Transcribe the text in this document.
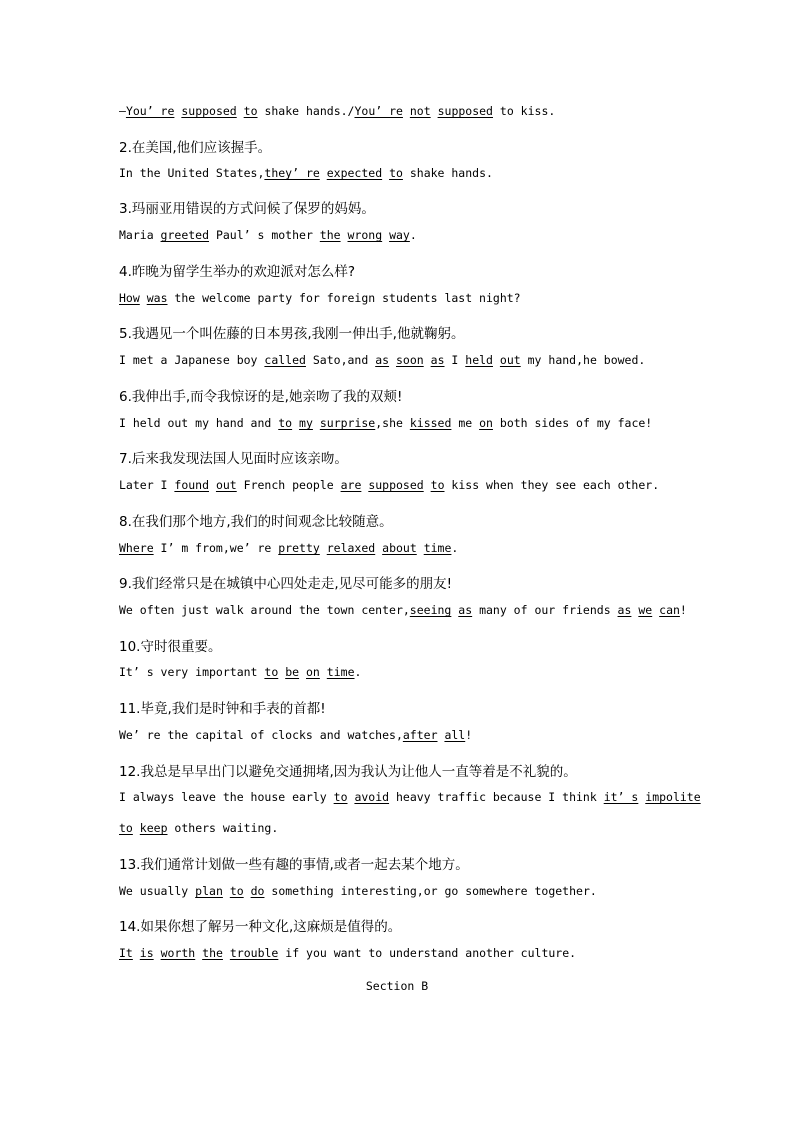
—You’ re supposed to shake hands./You’ re not supposed to kiss.
2.在美国,他们应该握手。
In the United States,they’ re expected to shake hands.
3.玛丽亚用错误的方式问候了保罗的妈妈。
Maria greeted Paul’ s mother the wrong way.
4.昨晚为留学生举办的欢迎派对怎么样?
How was the welcome party for foreign students last night?
5.我遇见一个叫佐藤的日本男孩,我刚一伸出手,他就鞠躬。
I met a Japanese boy called Sato,and as soon as I held out my hand,he bowed.
6.我伸出手,而令我惊讶的是,她亲吻了我的双颊!
I held out my hand and to my surprise,she kissed me on both sides of my face!
7.后来我发现法国人见面时应该亲吻。
Later I found out French people are supposed to kiss when they see each other.
8.在我们那个地方,我们的时间观念比较随意。
Where I’ m from,we’ re pretty relaxed about time.
9.我们经常只是在城镇中心四处走走,见尽可能多的朋友!
We often just walk around the town center,seeing as many of our friends as we can!
10.守时很重要。
It’ s very important to be on time.
11.毕竟,我们是时钟和手表的首都!
We’ re the capital of clocks and watches,after all!
12.我总是早早出门以避免交通拥堵,因为我认为让他人一直等着是不礼貌的。
I always leave the house early to avoid heavy traffic because I think it’ s impolite
to keep others waiting.
13.我们通常计划做一些有趣的事情,或者一起去某个地方。
We usually plan to do something interesting,or go somewhere together.
14.如果你想了解另一种文化,这麻烦是值得的。
It is worth the trouble if you want to understand another culture.
Section B
